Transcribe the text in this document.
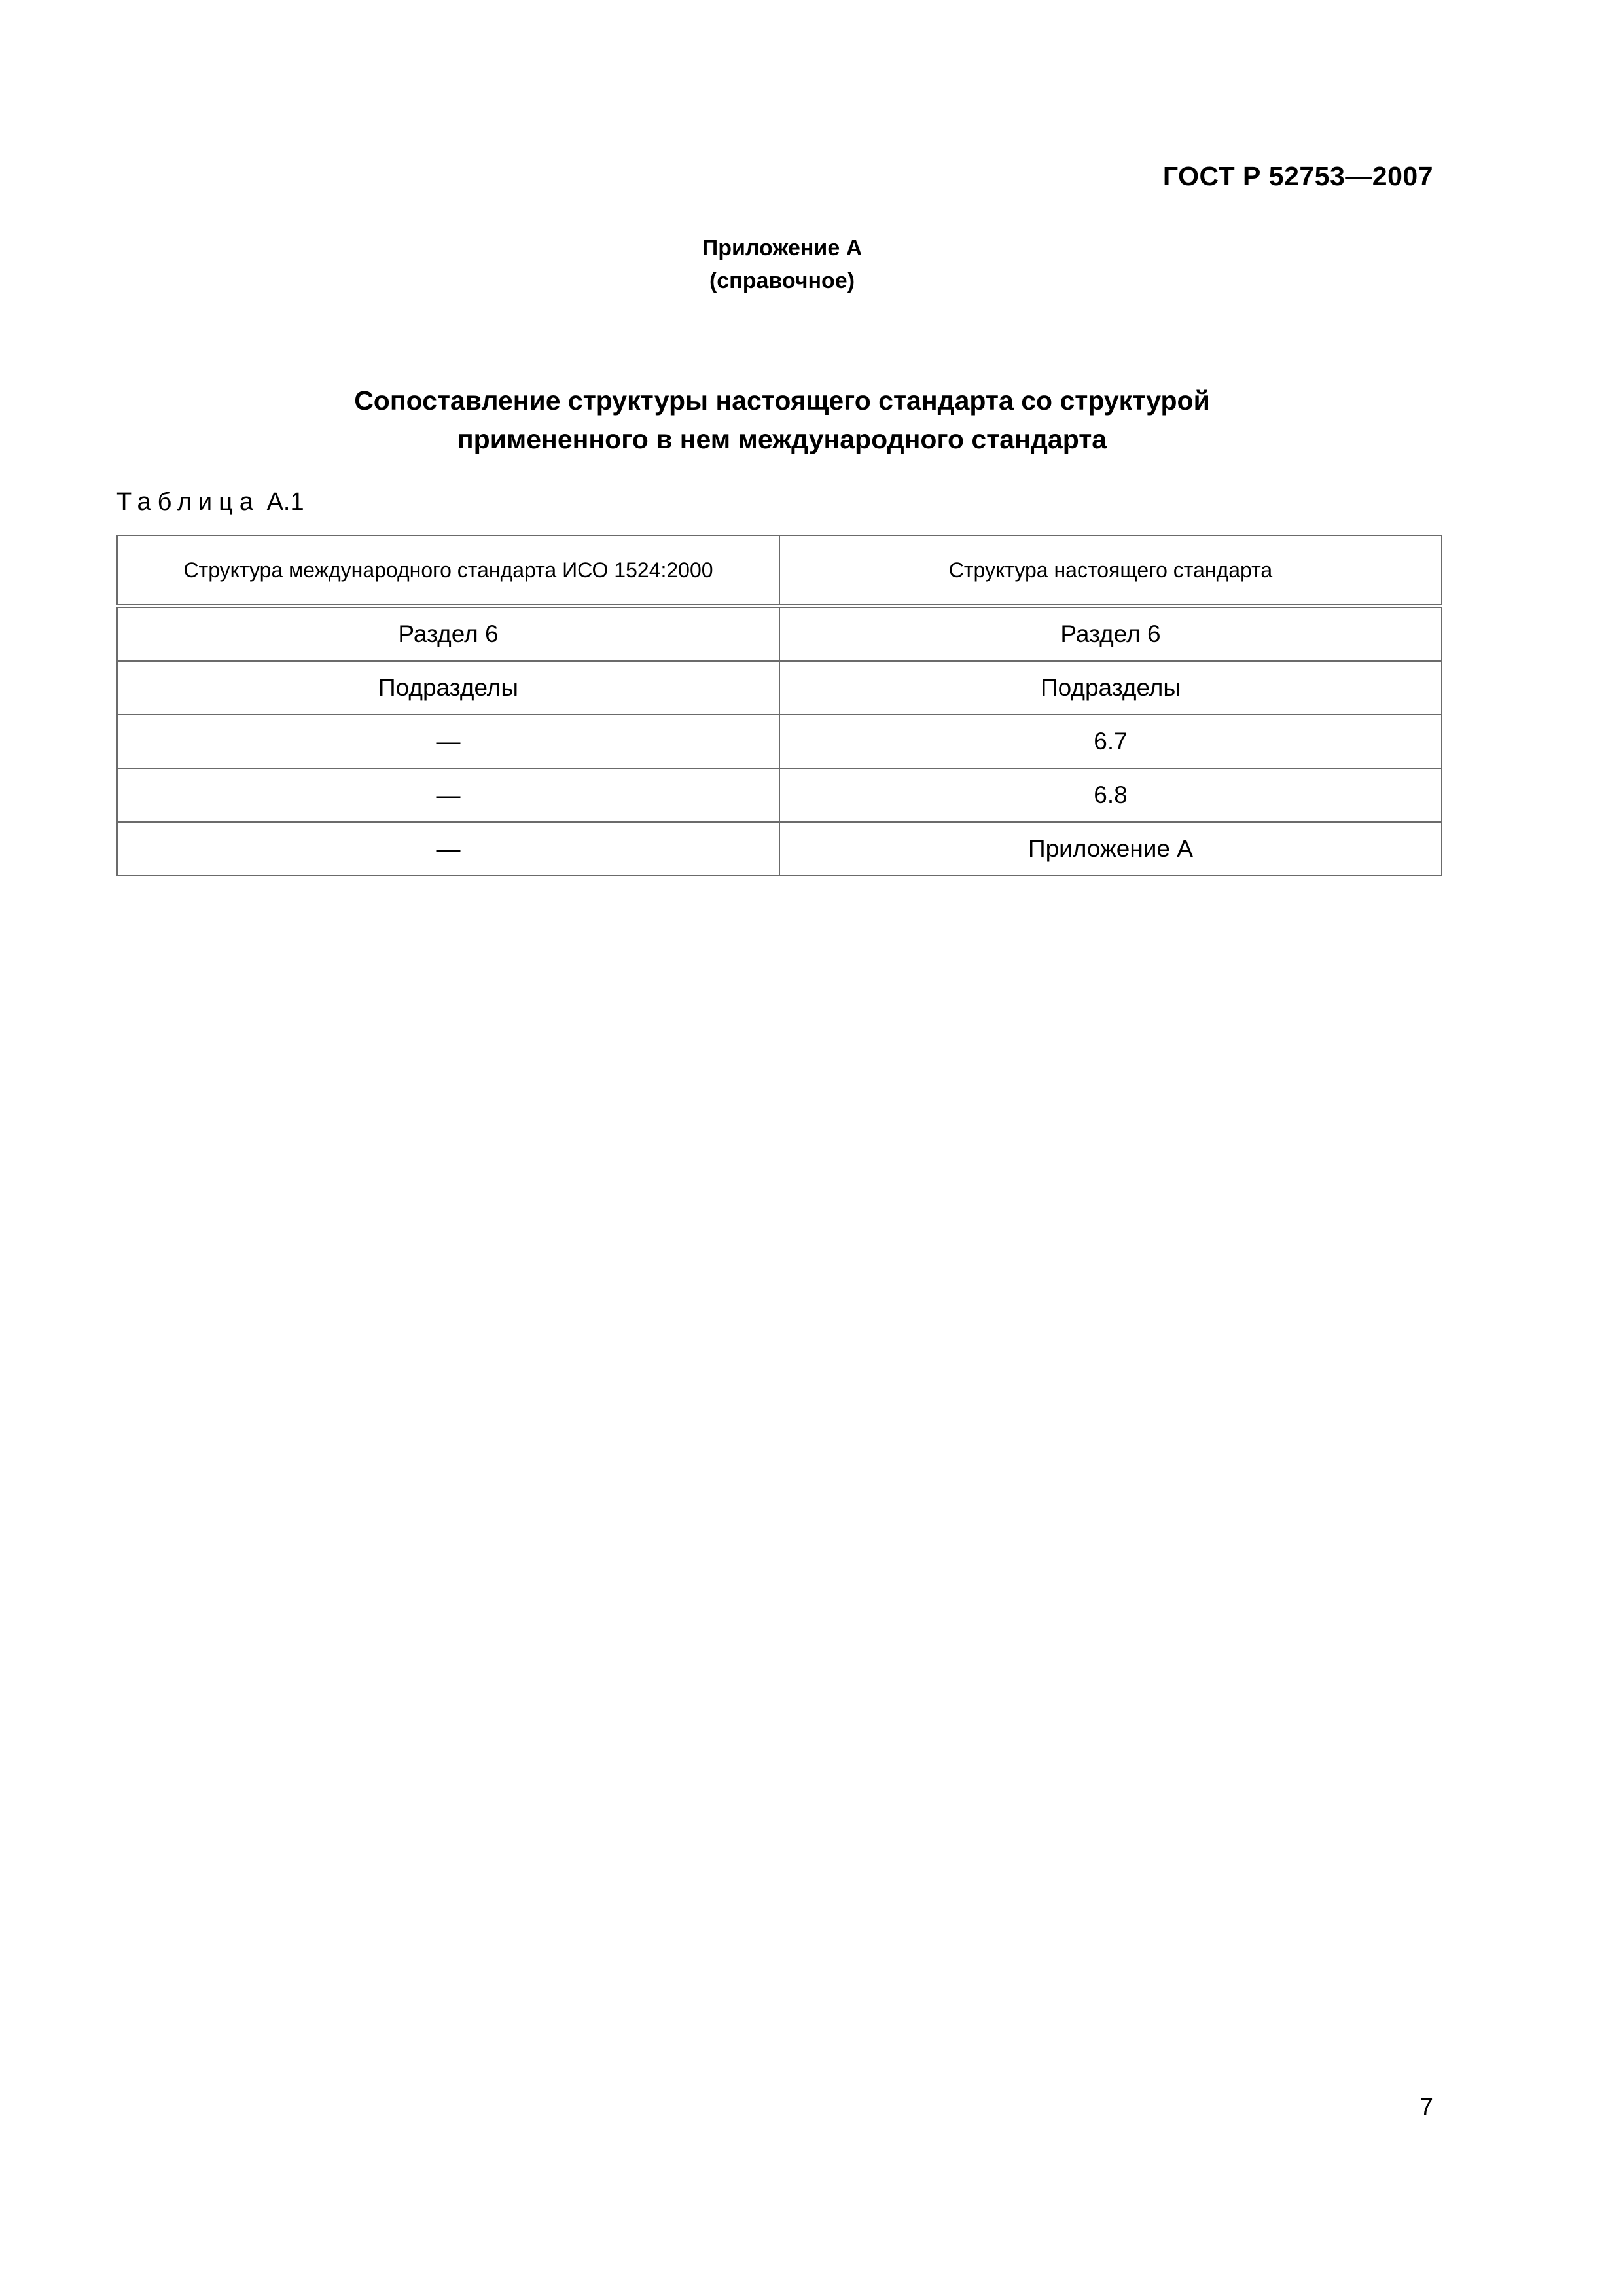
ГОСТ Р 52753—2007
Приложение А
(справочное)
Сопоставление структуры настоящего стандарта со структурой
примененного в нем международного стандарта
Таблица А.1
Структура международного стандарта ИСО 1524:2000	Структура настоящего стандарта
Раздел 6	Раздел 6
Подразделы	Подразделы
—	6.7
—	6.8
—	Приложение А
7
